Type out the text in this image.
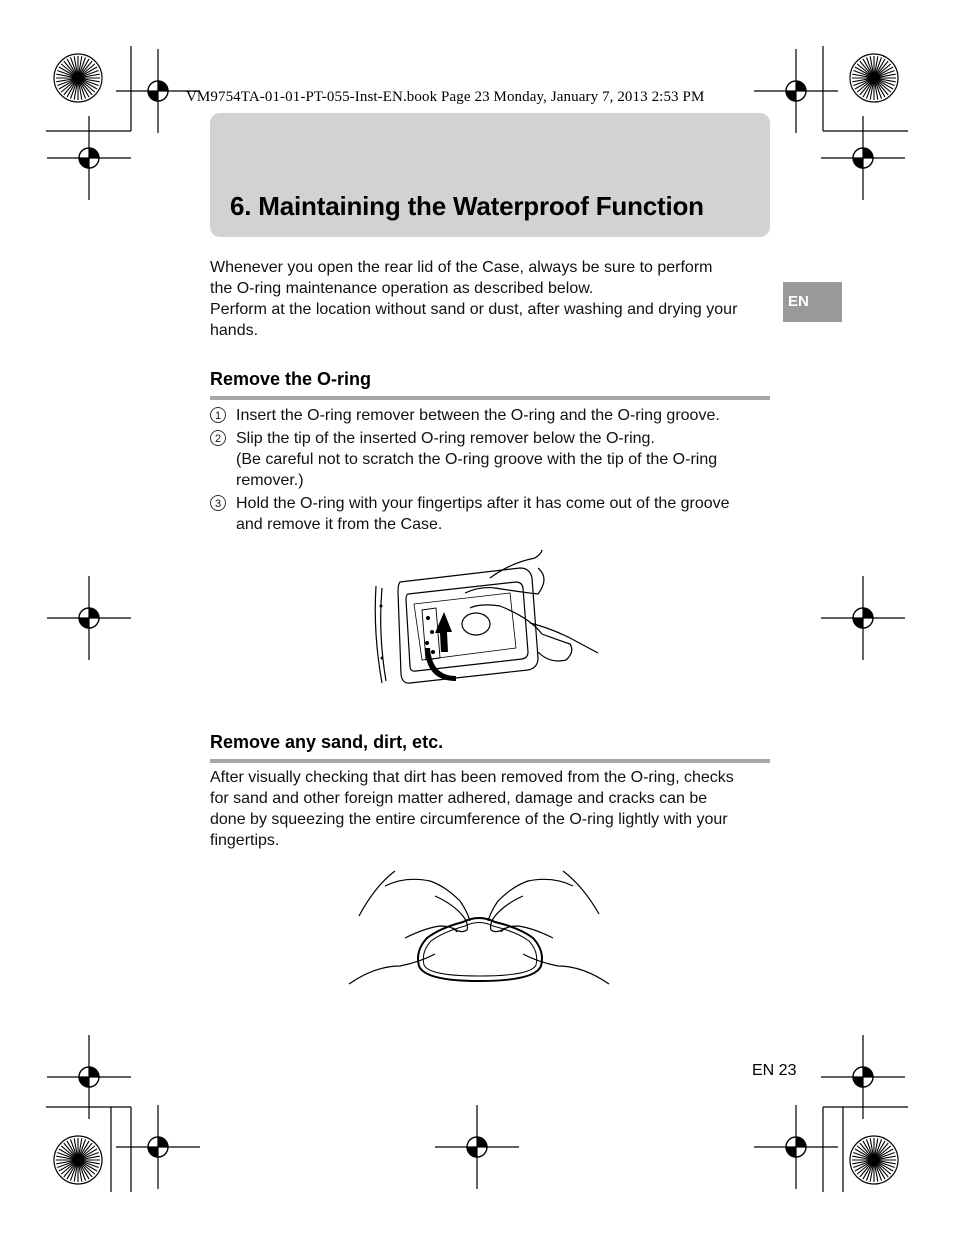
VM9754TA-01-01-PT-055-Inst-EN.book Page 23 Monday, January 7, 2013 2:53 PM
6. Maintaining the Waterproof Function
EN
Whenever you open the rear lid of the Case, always be sure to perform
the O-ring maintenance operation as described below.
Perform at the location without sand or dust, after washing and drying your
hands.
Remove the O-ring
1 Insert the O-ring remover between the O-ring and the O-ring groove.
2 Slip the tip of the inserted O-ring remover below the O-ring.
(Be careful not to scratch the O-ring groove with the tip of the O-ring
remover.)
3 Hold the O-ring with your fingertips after it has come out of the groove
and remove it from the Case.
Remove any sand, dirt, etc.
After visually checking that dirt has been removed from the O-ring, checks
for sand and other foreign matter adhered, damage and cracks can be
done by squeezing the entire circumference of the O-ring lightly with your
fingertips.
EN 23
